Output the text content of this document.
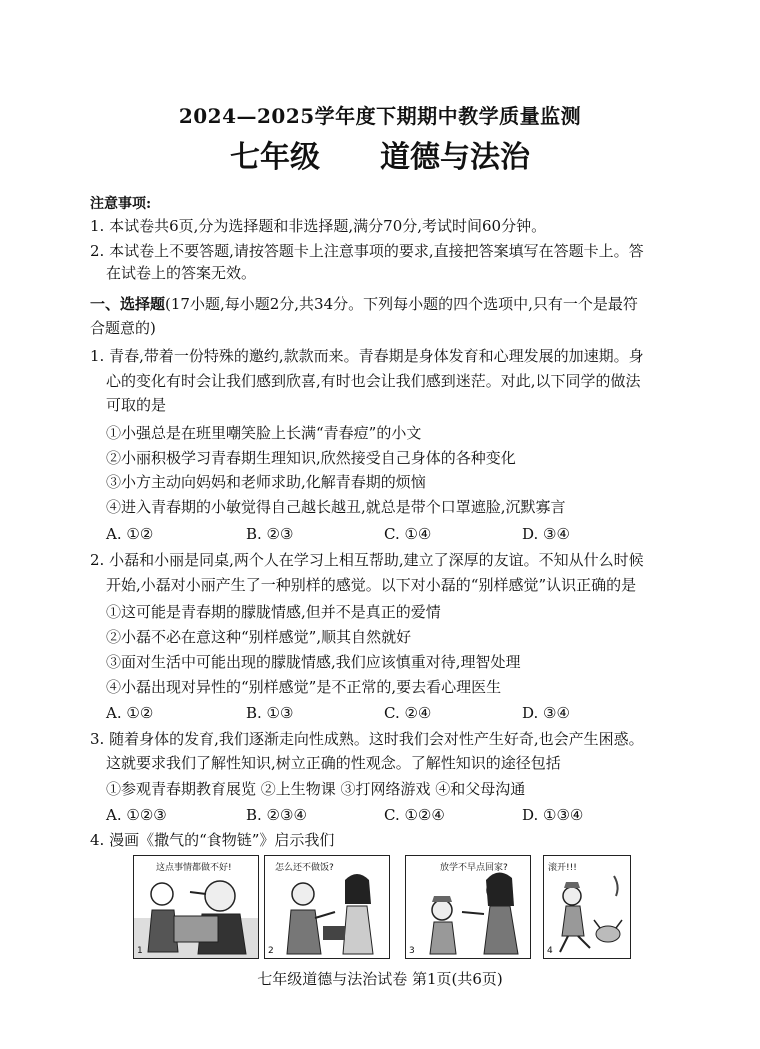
2024—2025学年度下期期中教学质量监测
七年级 道德与法治
注意事项:
1. 本试卷共6页,分为选择题和非选择题,满分70分,考试时间60分钟。
2. 本试卷上不要答题,请按答题卡上注意事项的要求,直接把答案填写在答题卡上。答
在试卷上的答案无效。
一、选择题(17小题,每小题2分,共34分。下列每小题的四个选项中,只有一个是最符
合题意的)
1. 青春,带着一份特殊的邀约,款款而来。青春期是身体发育和心理发展的加速期。身
心的变化有时会让我们感到欣喜,有时也会让我们感到迷茫。对此,以下同学的做法
可取的是
①小强总是在班里嘲笑脸上长满“青春痘”的小文
②小丽积极学习青春期生理知识,欣然接受自己身体的各种变化
③小方主动向妈妈和老师求助,化解青春期的烦恼
④进入青春期的小敏觉得自己越长越丑,就总是带个口罩遮脸,沉默寡言
A. ①②	B. ②③	C. ①④	D. ③④
2. 小磊和小丽是同桌,两个人在学习上相互帮助,建立了深厚的友谊。不知从什么时候
开始,小磊对小丽产生了一种别样的感觉。以下对小磊的“别样感觉”认识正确的是
①这可能是青春期的朦胧情感,但并不是真正的爱情
②小磊不必在意这种“别样感觉”,顺其自然就好
③面对生活中可能出现的朦胧情感,我们应该慎重对待,理智处理
④小磊出现对异性的“别样感觉”是不正常的,要去看心理医生
A. ①②	B. ①③	C. ②④	D. ③④
3. 随着身体的发育,我们逐渐走向性成熟。这时我们会对性产生好奇,也会产生困惑。
这就要求我们了解性知识,树立正确的性观念。了解性知识的途径包括
①参观青春期教育展览 ②上生物课 ③打网络游戏 ④和父母沟通
A. ①②③	B. ②③④	C. ①②④	D. ①③④
4. 漫画《撒气的“食物链”》启示我们
这点事情都做不好!
1
怎么还不做饭?
2
放学不早点回家?
3
滚开!!!
4
七年级道德与法治试卷 第1页(共6页)
